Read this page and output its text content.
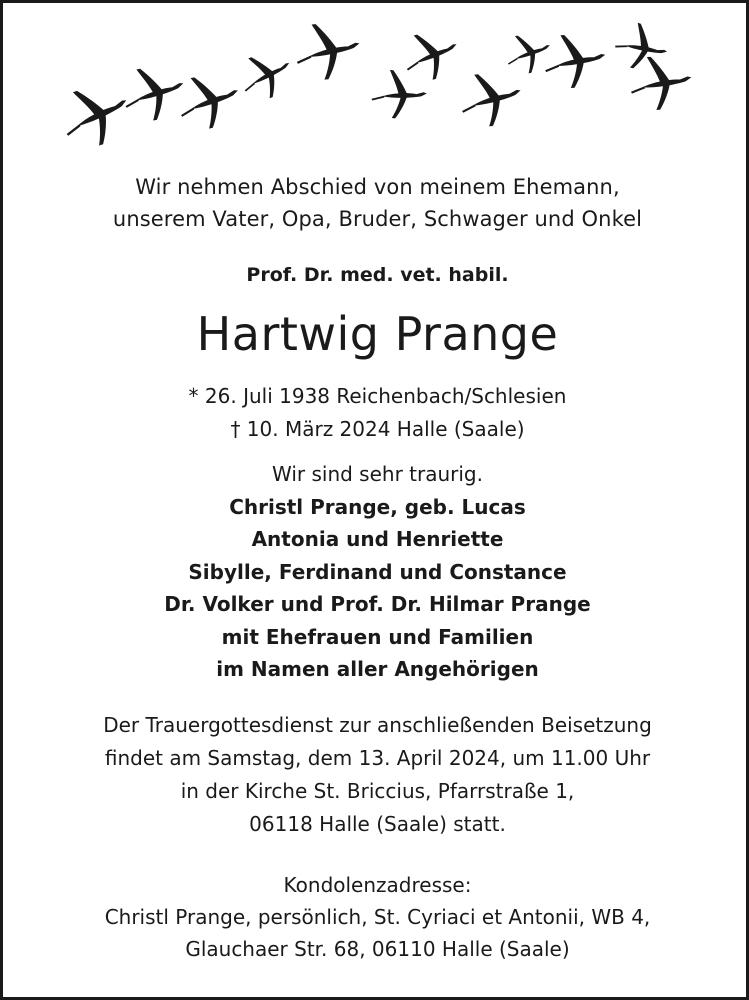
Wir nehmen Abschied von meinem Ehemann,
unserem Vater, Opa, Bruder, Schwager und Onkel
Prof. Dr. med. vet. habil.
Hartwig Prange
* 26. Juli 1938 Reichenbach/Schlesien
† 10. März 2024 Halle (Saale)
Wir sind sehr traurig.
Christl Prange, geb. Lucas
Antonia und Henriette
Sibylle, Ferdinand und Constance
Dr. Volker und Prof. Dr. Hilmar Prange
mit Ehefrauen und Familien
im Namen aller Angehörigen
Der Trauergottesdienst zur anschließenden Beisetzung
findet am Samstag, dem 13. April 2024, um 11.00 Uhr
in der Kirche St. Briccius, Pfarrstraße 1,
06118 Halle (Saale) statt.
Kondolenzadresse:
Christl Prange, persönlich, St. Cyriaci et Antonii, WB 4,
Glauchaer Str. 68, 06110 Halle (Saale)
